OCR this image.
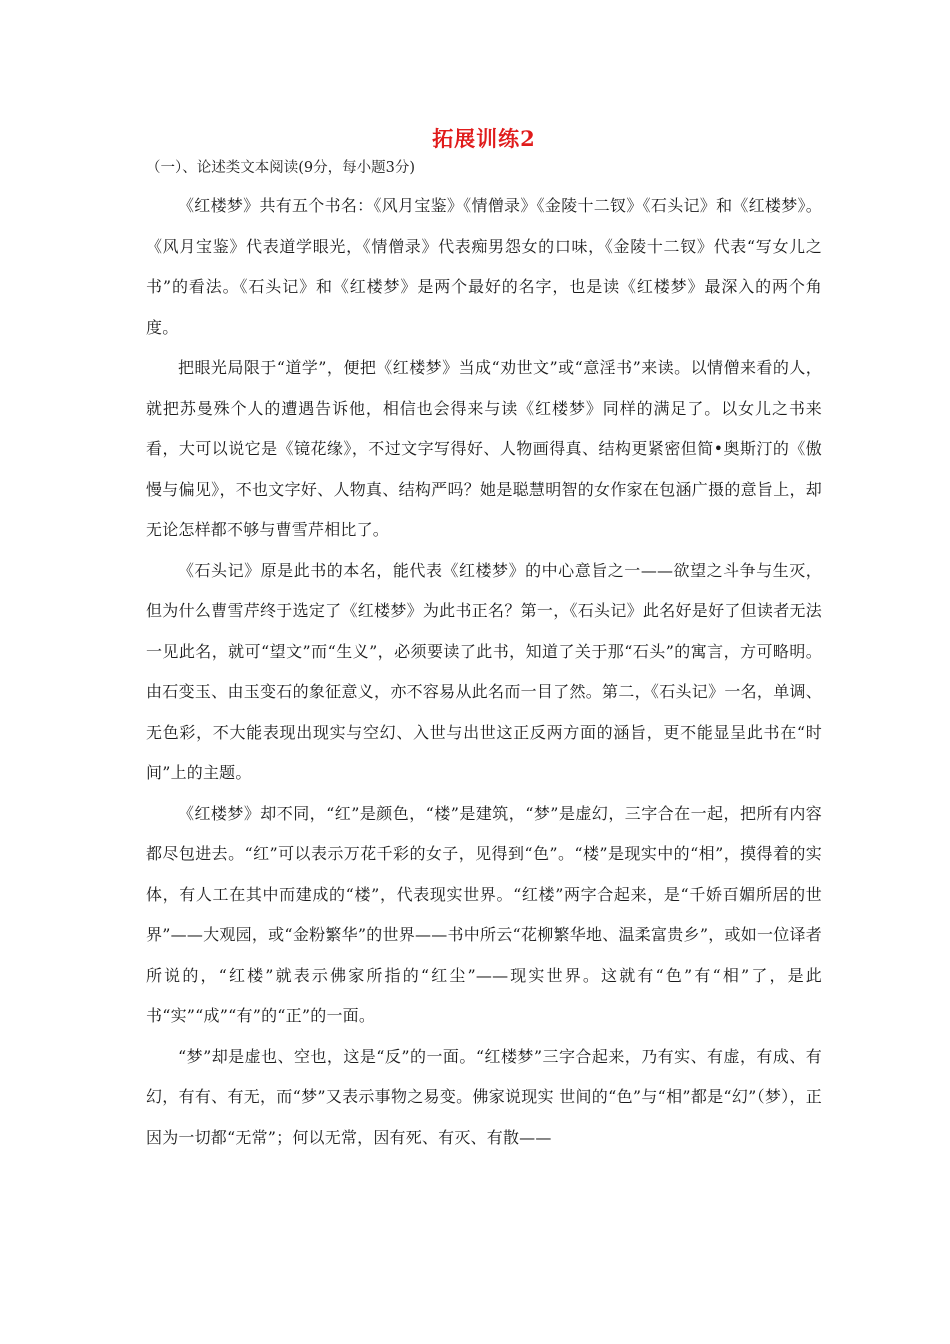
拓展训练2

（一）、论述类文本阅读(9分，每小题3分)

《红楼梦》共有五个书名：《风月宝鉴》《情僧录》《金陵十二钗》《石头记》和《红楼梦》。《风月宝鉴》代表道学眼光，《情僧录》代表痴男怨女的口味，《金陵十二钗》代表“写女儿之书”的看法。《石头记》和《红楼梦》是两个最好的名字，也是读《红楼梦》最深入的两个角度。

把眼光局限于“道学”，便把《红楼梦》当成“劝世文”或“意淫书”来读。以情僧来看的人，就把苏曼殊个人的遭遇告诉他，相信也会得来与读《红楼梦》同样的满足了。以女儿之书来看，大可以说它是《镜花缘》，不过文字写得好、人物画得真、结构更紧密但简•奥斯汀的《傲慢与偏见》，不也文字好、人物真、结构严吗？她是聪慧明智的女作家在包涵广摄的意旨上，却无论怎样都不够与曹雪芹相比了。

《石头记》原是此书的本名，能代表《红楼梦》的中心意旨之一——欲望之斗争与生灭，但为什么曹雪芹终于选定了《红楼梦》为此书正名？第一，《石头记》此名好是好了但读者无法一见此名，就可“望文”而“生义”，必须要读了此书，知道了关于那“石头”的寓言，方可略明。由石变玉、由玉变石的象征意义，亦不容易从此名而一目了然。第二，《石头记》一名，单调、无色彩，不大能表现出现实与空幻、入世与出世这正反两方面的涵旨，更不能显呈此书在“时间”上的主题。

《红楼梦》却不同，“红”是颜色，“楼”是建筑，“梦”是虚幻，三字合在一起，把所有内容都尽包进去。“红”可以表示万花千彩的女子，见得到“色”。“楼”是现实中的“相”，摸得着的实体，有人工在其中而建成的“楼”，代表现实世界。“红楼”两字合起来，是“千娇百媚所居的世界”——大观园，或“金粉繁华”的世界——书中所云“花柳繁华地、温柔富贵乡”，或如一位译者所说的，“红楼”就表示佛家所指的“红尘”——现实世界。这就有“色”有“相”了，是此书“实”“成”“有”的“正”的一面。

“梦”却是虚也、空也，这是“反”的一面。“红楼梦”三字合起来，乃有实、有虚，有成、有幻，有有、有无，而“梦”又表示事物之易变。佛家说现实 世间的“色”与“相”都是“幻”（梦），正因为一切都“无常”；何以无常，因有死、有灭、有散——
